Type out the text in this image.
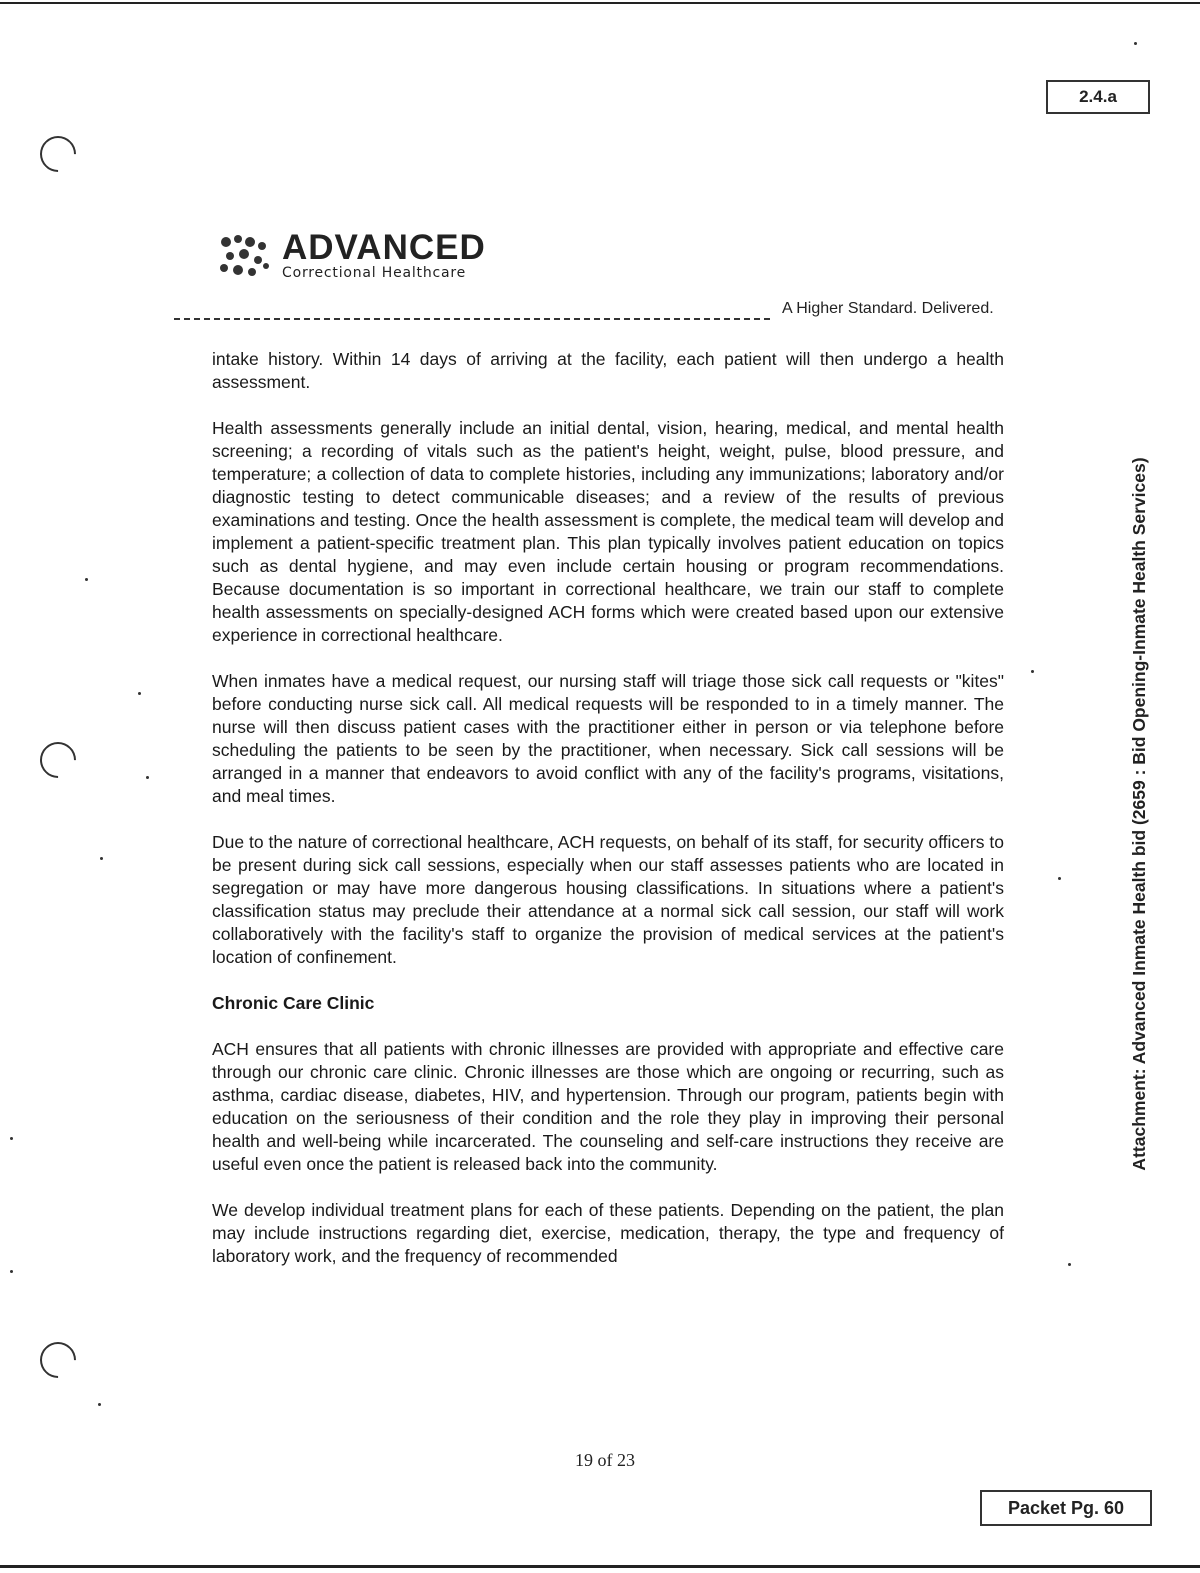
2.4.a
ADVANCED
Correctional Healthcare
A Higher Standard. Delivered.

intake history. Within 14 days of arriving at the facility, each patient will then undergo a health assessment.

Health assessments generally include an initial dental, vision, hearing, medical, and mental health screening; a recording of vitals such as the patient's height, weight, pulse, blood pressure, and temperature; a collection of data to complete histories, including any immunizations; laboratory and/or diagnostic testing to detect communicable diseases; and a review of the results of previous examinations and testing. Once the health assessment is complete, the medical team will develop and implement a patient-specific treatment plan. This plan typically involves patient education on topics such as dental hygiene, and may even include certain housing or program recommendations. Because documentation is so important in correctional healthcare, we train our staff to complete health assessments on specially-designed ACH forms which were created based upon our extensive experience in correctional healthcare.

When inmates have a medical request, our nursing staff will triage those sick call requests or "kites" before conducting nurse sick call. All medical requests will be responded to in a timely manner. The nurse will then discuss patient cases with the practitioner either in person or via telephone before scheduling the patients to be seen by the practitioner, when necessary. Sick call sessions will be arranged in a manner that endeavors to avoid conflict with any of the facility's programs, visitations, and meal times.

Due to the nature of correctional healthcare, ACH requests, on behalf of its staff, for security officers to be present during sick call sessions, especially when our staff assesses patients who are located in segregation or may have more dangerous housing classifications. In situations where a patient's classification status may preclude their attendance at a normal sick call session, our staff will work collaboratively with the facility's staff to organize the provision of medical services at the patient's location of confinement.

Chronic Care Clinic

ACH ensures that all patients with chronic illnesses are provided with appropriate and effective care through our chronic care clinic. Chronic illnesses are those which are ongoing or recurring, such as asthma, cardiac disease, diabetes, HIV, and hypertension. Through our program, patients begin with education on the seriousness of their condition and the role they play in improving their personal health and well-being while incarcerated. The counseling and self-care instructions they receive are useful even once the patient is released back into the community.

We develop individual treatment plans for each of these patients. Depending on the patient, the plan may include instructions regarding diet, exercise, medication, therapy, the type and frequency of laboratory work, and the frequency of recommended

Attachment: Advanced Inmate Health bid (2659 : Bid Opening-Inmate Health Services)
19 of 23
Packet Pg. 60
